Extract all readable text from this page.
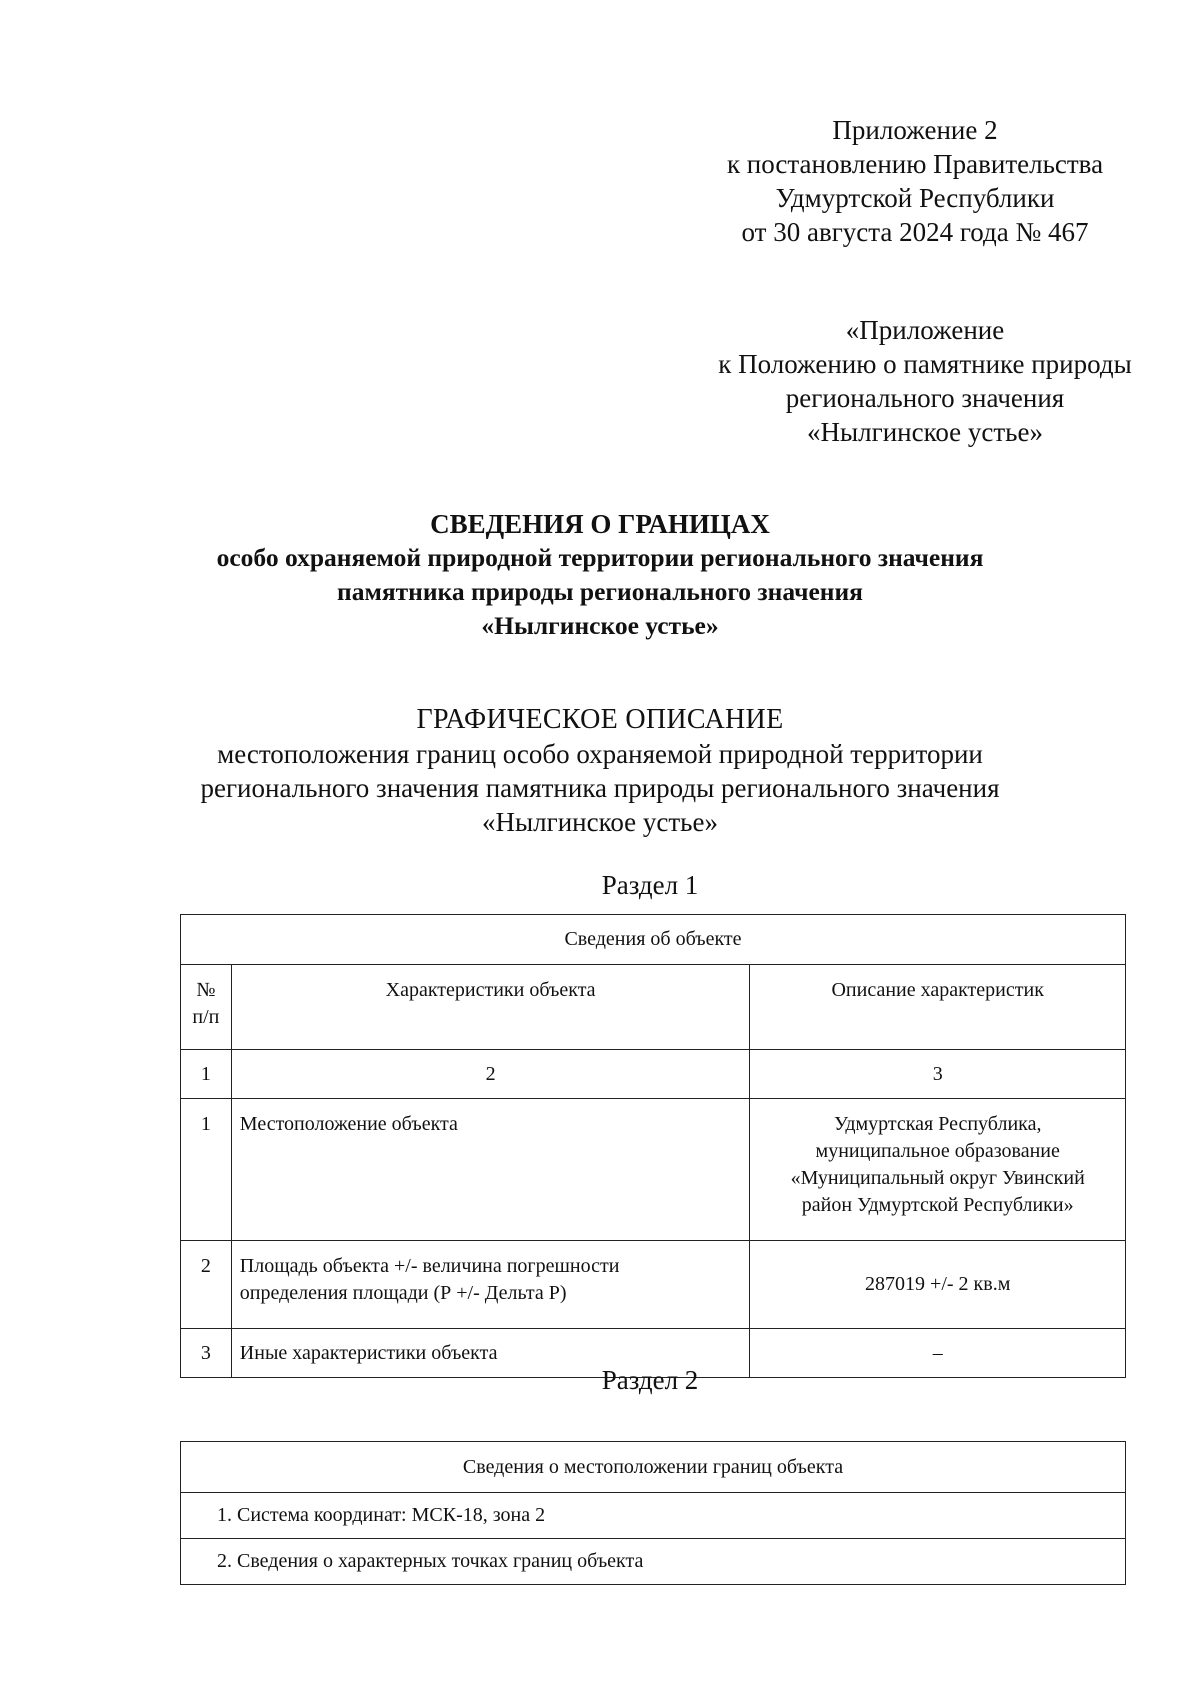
Приложение 2
к постановлению Правительства
Удмуртской Республики
от 30 августа 2024 года № 467
«Приложение
к Положению о памятнике природы
регионального значения
«Нылгинское устье»
СВЕДЕНИЯ О ГРАНИЦАХ
особо охраняемой природной территории регионального значения
памятника природы регионального значения
«Нылгинское устье»
ГРАФИЧЕСКОЕ ОПИСАНИЕ
местоположения границ особо охраняемой природной территории
регионального значения памятника природы регионального значения
«Нылгинское устье»
Раздел 1
Сведения об объекте		

№
п/п	Характеристики объекта	Описание характеристик
1	2	3
1	Местоположение объекта	Удмуртская Республика,
муниципальное образование
«Муниципальный округ Увинский
район Удмуртской Республики»

2	Площадь объекта +/- величина погрешности
определения площади (Р +/- Дельта Р)	287019 +/- 2 кв.м
3	Иные характеристики объекта	–
Раздел 2
Сведения о местоположении границ объекта
1. Система координат: МСК-18, зона 2
2. Сведения о характерных точках границ объекта
